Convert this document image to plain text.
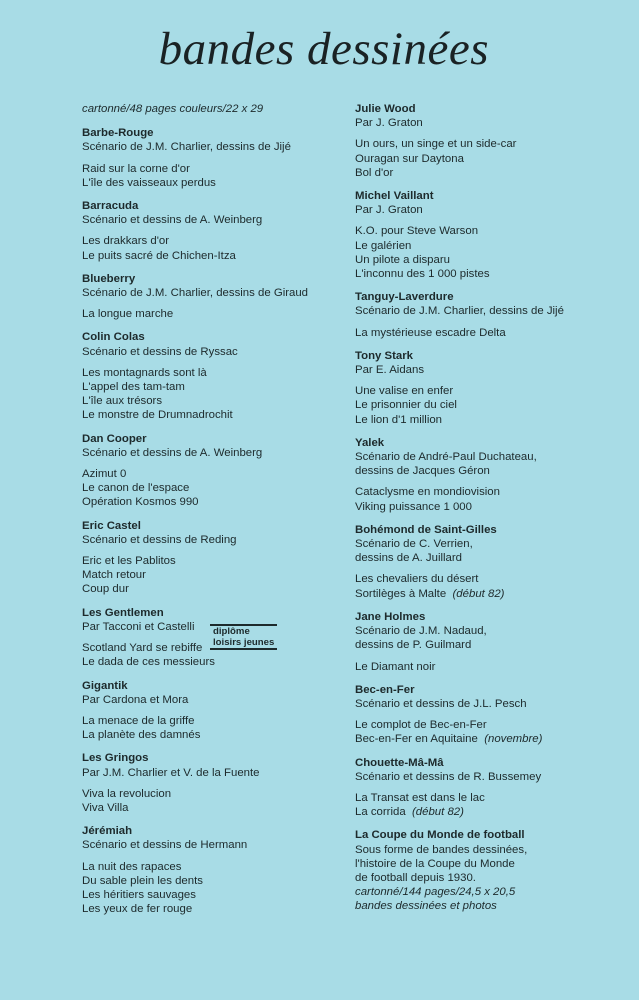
bandes dessinées
cartonné/48 pages couleurs/22 x 29
Barbe-Rouge
Scénario de J.M. Charlier, dessins de Jijé
Raid sur la corne d'or
L'île des vaisseaux perdus
Barracuda
Scénario et dessins de A. Weinberg
Les drakkars d'or
Le puits sacré de Chichen-Itza
Blueberry
Scénario de J.M. Charlier, dessins de Giraud
La longue marche
Colin Colas
Scénario et dessins de Ryssac
Les montagnards sont là
L'appel des tam-tam
L'île aux trésors
Le monstre de Drumnadrochit
Dan Cooper
Scénario et dessins de A. Weinberg
Azimut 0
Le canon de l'espace
Opération Kosmos 990
Eric Castel
Scénario et dessins de Reding
Eric et les Pablitos
Match retour
Coup dur
Les Gentlemen
Par Tacconi et Castelli
Scotland Yard se rebiffe
Le dada de ces messieurs
Gigantik
Par Cardona et Mora
La menace de la griffe
La planète des damnés
Les Gringos
Par J.M. Charlier et V. de la Fuente
Viva la revolucion
Viva Villa
Jérémiah
Scénario et dessins de Hermann
La nuit des rapaces
Du sable plein les dents
Les héritiers sauvages
Les yeux de fer rouge
diplôme
loisirs jeunes
Julie Wood
Par J. Graton
Un ours, un singe et un side-car
Ouragan sur Daytona
Bol d'or
Michel Vaillant
Par J. Graton
K.O. pour Steve Warson
Le galérien
Un pilote a disparu
L'inconnu des 1 000 pistes
Tanguy-Laverdure
Scénario de J.M. Charlier, dessins de Jijé
La mystérieuse escadre Delta
Tony Stark
Par E. Aidans
Une valise en enfer
Le prisonnier du ciel
Le lion d'1 million
Yalek
Scénario de André-Paul Duchateau,
dessins de Jacques Géron
Cataclysme en mondiovision
Viking puissance 1 000
Bohémond de Saint-Gilles
Scénario de C. Verrien,
dessins de A. Juillard
Les chevaliers du désert
Sortilèges à Malte (début 82)
Jane Holmes
Scénario de J.M. Nadaud,
dessins de P. Guilmard
Le Diamant noir
Bec-en-Fer
Scénario et dessins de J.L. Pesch
Le complot de Bec-en-Fer
Bec-en-Fer en Aquitaine (novembre)
Chouette-Mâ-Mâ
Scénario et dessins de R. Bussemey
La Transat est dans le lac
La corrida (début 82)
La Coupe du Monde de football
Sous forme de bandes dessinées,
l'histoire de la Coupe du Monde
de football depuis 1930.
cartonné/144 pages/24,5 x 20,5
bandes dessinées et photos
